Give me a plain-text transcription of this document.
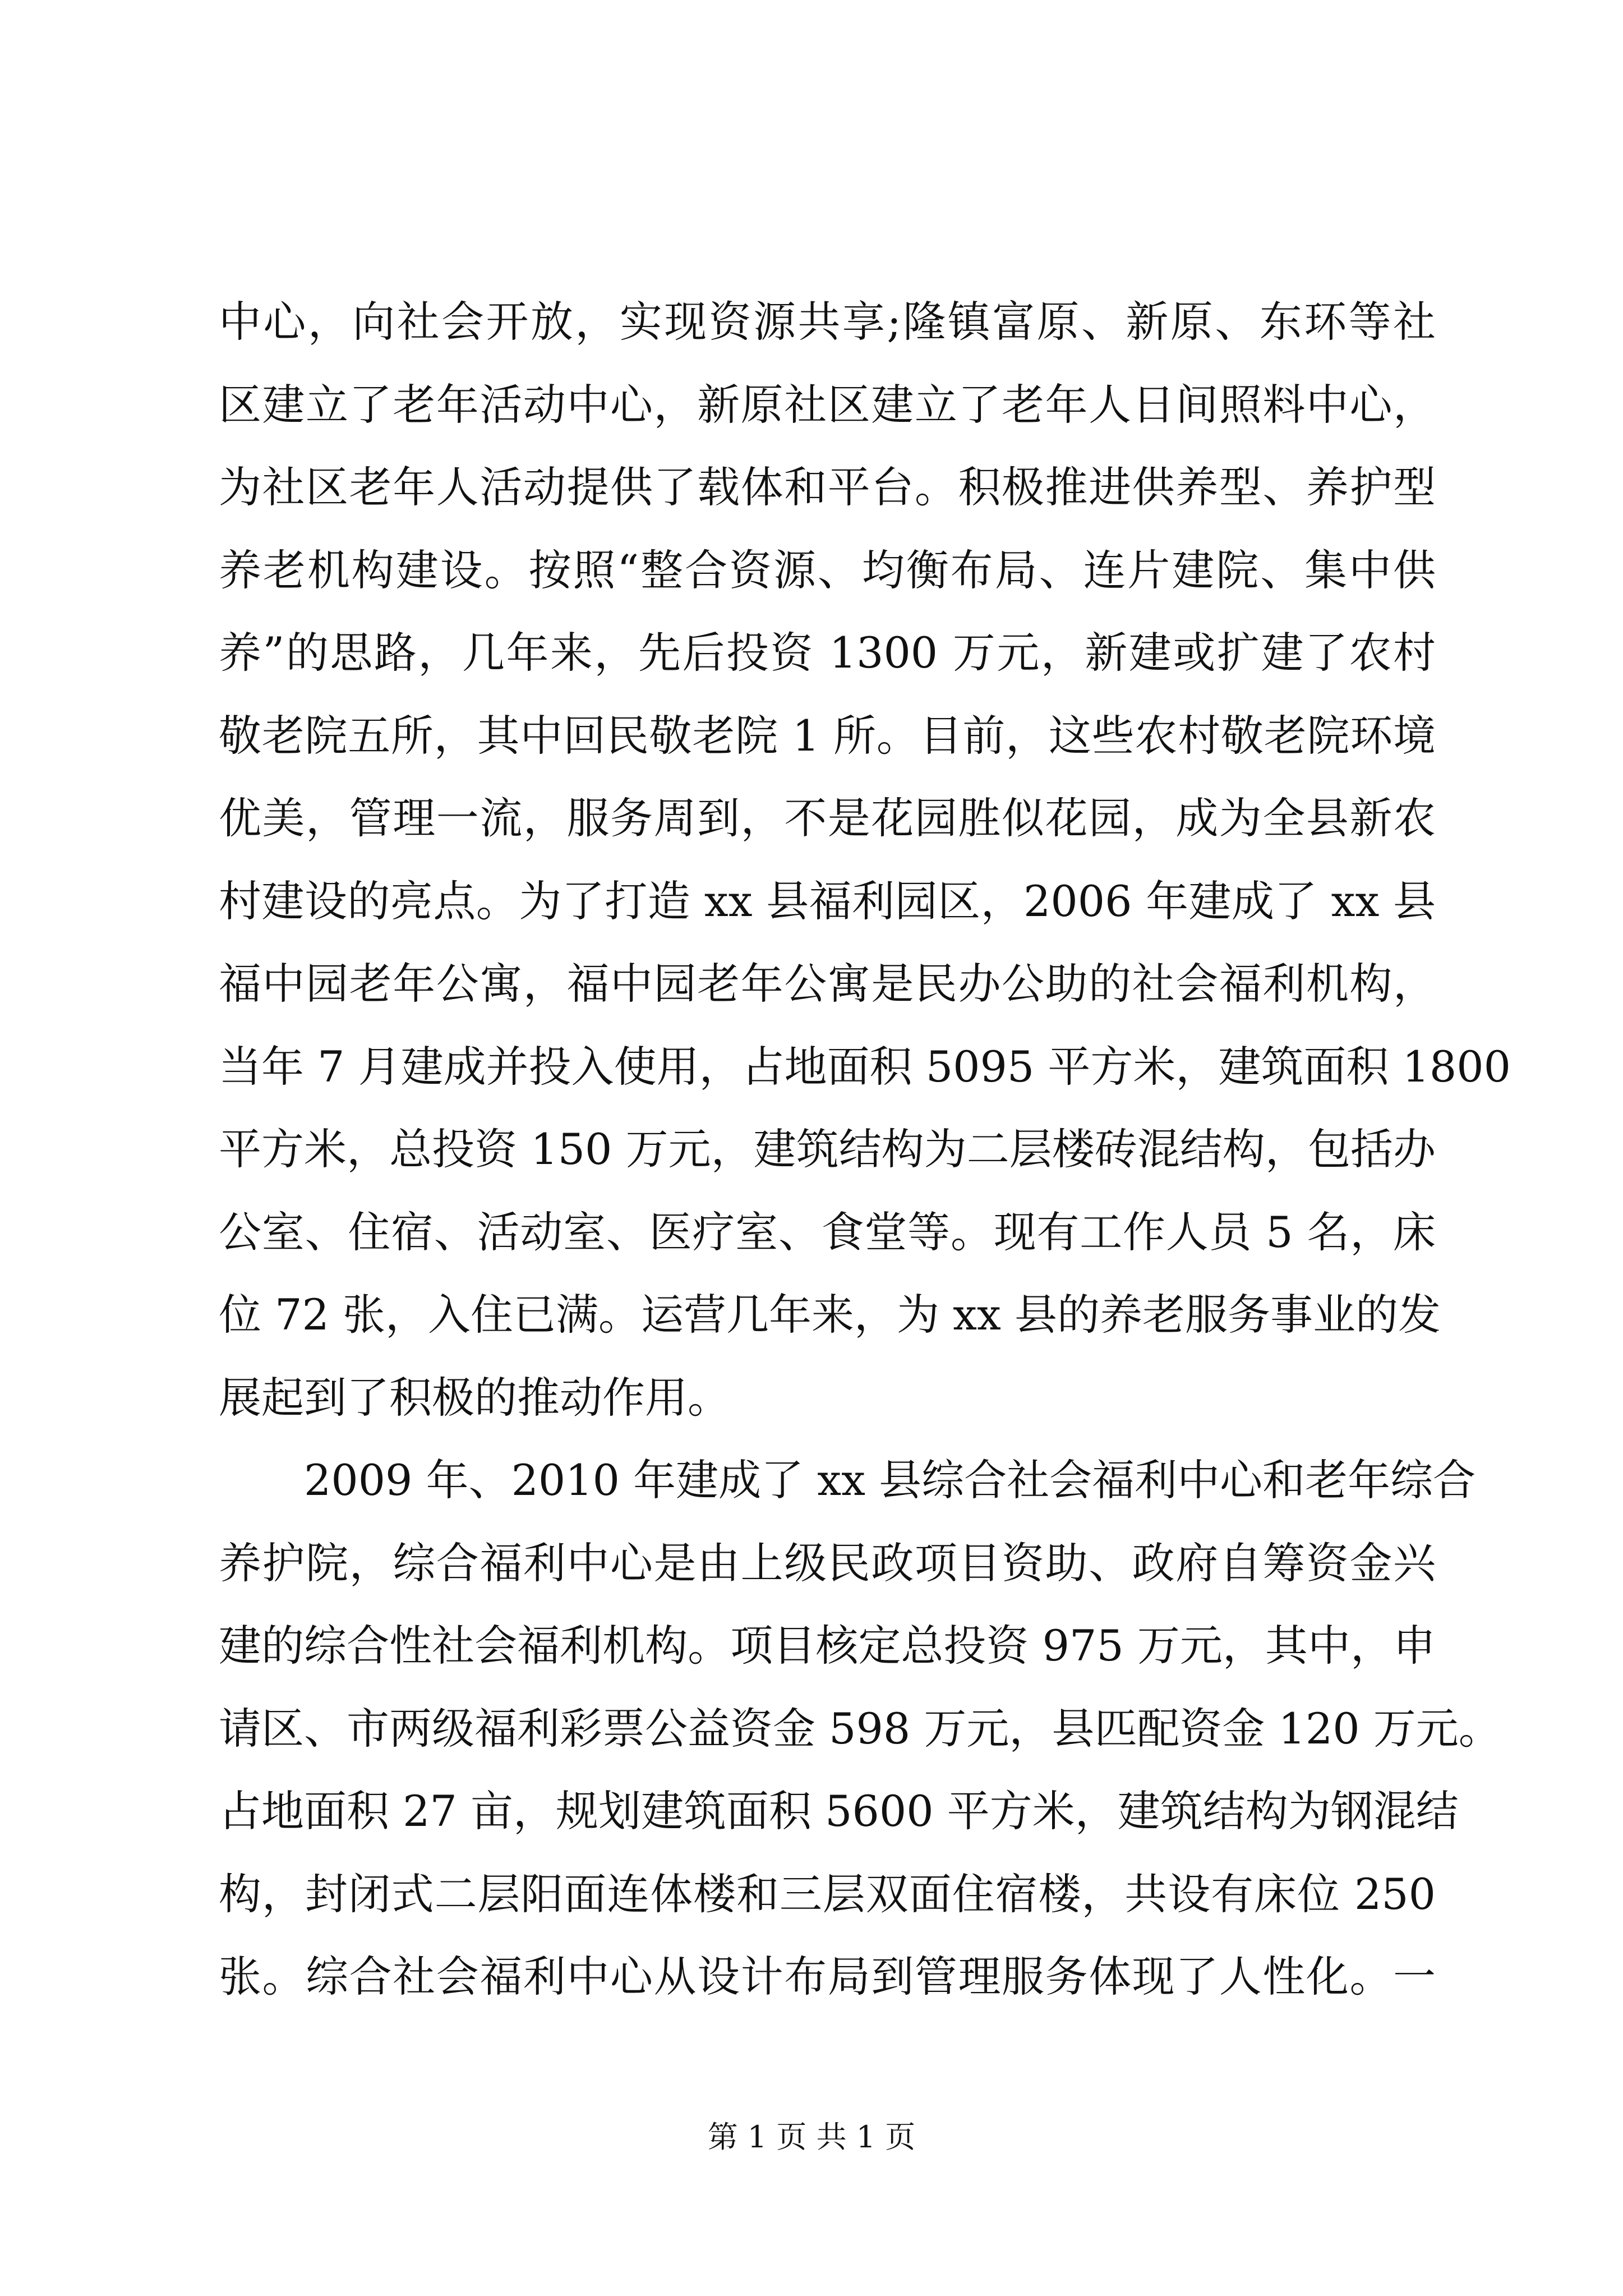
中心，向社会开放，实现资源共享;隆镇富原、新原、东环等社
区建立了老年活动中心，新原社区建立了老年人日间照料中心，
为社区老年人活动提供了载体和平台。积极推进供养型、养护型
养老机构建设。按照“整合资源、均衡布局、连片建院、集中供
养”的思路，几年来，先后投资 1300 万元，新建或扩建了农村
敬老院五所，其中回民敬老院 1 所。目前，这些农村敬老院环境
优美，管理一流，服务周到，不是花园胜似花园，成为全县新农
村建设的亮点。为了打造 xx 县福利园区，2006 年建成了 xx 县
福中园老年公寓，福中园老年公寓是民办公助的社会福利机构，
当年 7 月建成并投入使用，占地面积 5095 平方米，建筑面积 1800
平方米，总投资 150 万元，建筑结构为二层楼砖混结构，包括办
公室、住宿、活动室、医疗室、食堂等。现有工作人员 5 名，床
位 72 张，入住已满。运营几年来，为 xx 县的养老服务事业的发
展起到了积极的推动作用。
　　2009 年、2010 年建成了 xx 县综合社会福利中心和老年综合
养护院，综合福利中心是由上级民政项目资助、政府自筹资金兴
建的综合性社会福利机构。项目核定总投资 975 万元，其中，申
请区、市两级福利彩票公益资金 598 万元，县匹配资金 120 万元。
占地面积 27 亩，规划建筑面积 5600 平方米，建筑结构为钢混结
构，封闭式二层阳面连体楼和三层双面住宿楼，共设有床位 250
张。综合社会福利中心从设计布局到管理服务体现了人性化。一
第 1 页 共 1 页
